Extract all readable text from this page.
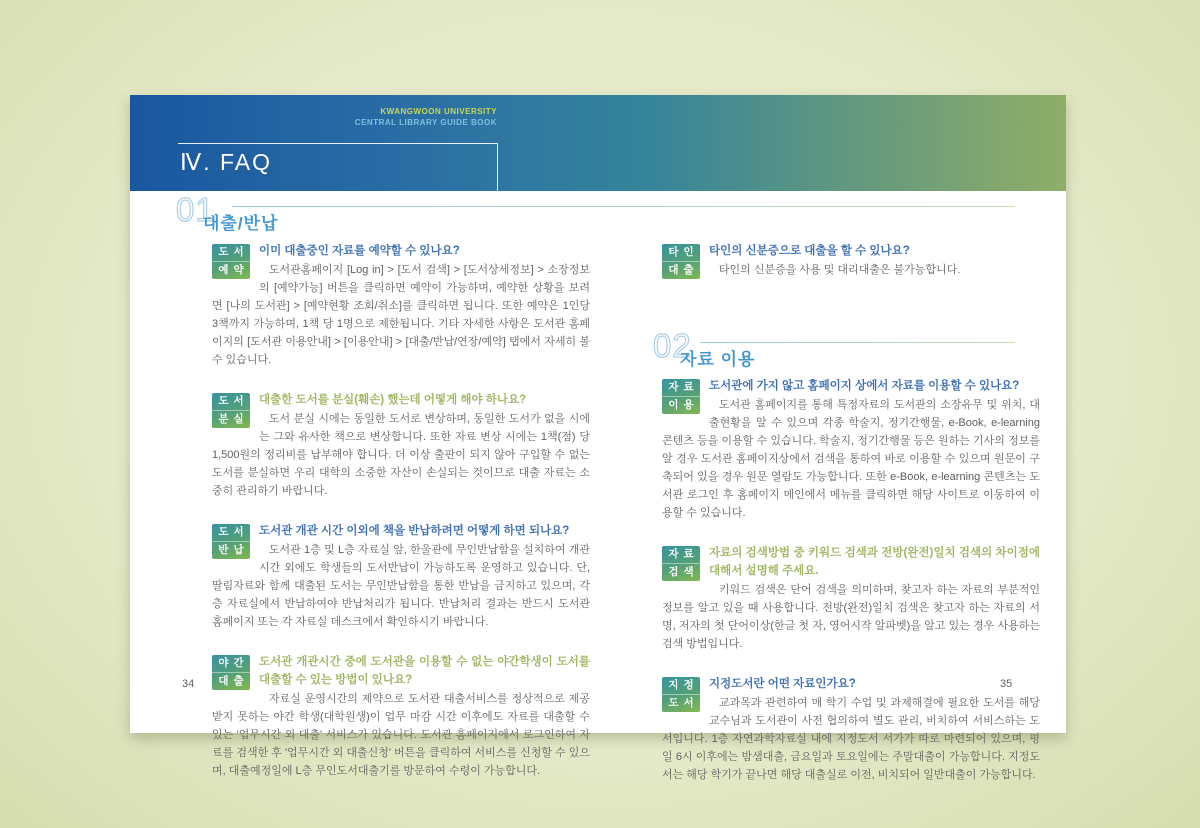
KWANGWOON UNIVERSITY
CENTRAL LIBRARY GUIDE BOOK
Ⅳ. FAQ
01
대출/반납
02
자료 이용
도서
예약

이미 대출중인 자료를 예약할 수 있나요?

도서관홈페이지 [Log in] > [도서 검색] > [도서상세정보] > 소장정보의 [예약가능] 버튼을 클릭하면 예약이 가능하며, 예약한 상황을 보려면 [나의 도서관] > [예약현황 조회/취소]를 클릭하면 됩니다. 또한 예약은 1인당 3책까지 가능하며, 1책 당 1명으로 제한됩니다. 기타 자세한 사항은 도서관 홈페이지의 [도서관 이용안내] > [이용안내] > [대출/반납/연장/예약] 탭에서 자세히 볼 수 있습니다.

도서
분실

대출한 도서를 분실(훼손) 했는데 어떻게 해야 하나요?

도서 분실 시에는 동일한 도서로 변상하며, 동일한 도서가 없을 시에는 그와 유사한 책으로 변상합니다. 또한 자료 변상 시에는 1책(점) 당 1,500원의 정리비를 납부해야 합니다. 더 이상 출판이 되지 않아 구입할 수 없는 도서를 분실하면 우리 대학의 소중한 자산이 손실되는 것이므로 대출 자료는 소중히 관리하기 바랍니다.

도서
반납

도서관 개관 시간 이외에 책을 반납하려면 어떻게 하면 되나요?

도서관 1층 및 L층 자료실 앞, 한울관에 무인반납함을 설치하여 개관 시간 외에도 학생들의 도서반납이 가능하도록 운영하고 있습니다. 단, 딸림자료와 함께 대출된 도서는 무인반납함을 통한 반납을 금지하고 있으며, 각 층 자료실에서 반납하여야 반납처리가 됩니다. 반납처리 결과는 반드시 도서관 홈페이지 또는 각 자료실 데스크에서 확인하시기 바랍니다.

야간
대출

도서관 개관시간 중에 도서관을 이용할 수 없는 야간학생이 도서를 대출할 수 있는 방법이 있나요?

자료실 운영시간의 제약으로 도서관 대출서비스를 정상적으로 제공받지 못하는 야간 학생(대학원생)이 업무 마감 시간 이후에도 자료를 대출할 수 있는 '업무시간 외 대출' 서비스가 있습니다. 도서관 홈페이지에서 로그인하여 자료를 검색한 후 '업무시간 외 대출신청' 버튼을 클릭하여 서비스를 신청할 수 있으며, 대출예정일에 L층 무인도서대출기를 방문하여 수령이 가능합니다.

타인
대출

타인의 신분증으로 대출을 할 수 있나요?

타인의 신분증을 사용 및 대리대출은 불가능합니다.

자료
이용

도서관에 가지 않고 홈페이지 상에서 자료를 이용할 수 있나요?

도서관 홈페이지를 통해 특정자료의 도서관의 소장유무 및 위치, 대출현황을 알 수 있으며 각종 학술지, 정기간행물, e-Book, e-learning 콘텐츠 등을 이용할 수 있습니다. 학술지, 정기간행물 등은 원하는 기사의 정보를 알 경우 도서관 홈페이지상에서 검색을 통하여 바로 이용할 수 있으며 원문이 구축되어 있을 경우 원문 열람도 가능합니다. 또한 e-Book, e-learning 콘텐츠는 도서관 로그인 후 홈페이지 메인에서 메뉴를 클릭하면 해당 사이트로 이동하여 이용할 수 있습니다.

자료
검색

자료의 검색방법 중 키워드 검색과 전방(완전)일치 검색의 차이점에 대해서 설명해 주세요.

키워드 검색은 단어 검색을 의미하며, 찾고자 하는 자료의 부분적인 정보를 알고 있을 때 사용합니다. 전방(완전)일치 검색은 찾고자 하는 자료의 서명, 저자의 첫 단어이상(한글 첫 자, 영어시작 알파벳)을 알고 있는 경우 사용하는 검색 방법입니다.

지정
도서

지정도서란 어떤 자료인가요?

교과목과 관련하여 매 학기 수업 및 과제해결에 필요한 도서를 해당 교수님과 도서관이 사전 협의하여 별도 관리, 비치하여 서비스하는 도서입니다. 1층 자연과학자료실 내에 지정도서 서가가 따로 마련되어 있으며, 평일 6시 이후에는 밤샘대출, 금요일과 토요일에는 주말대출이 가능합니다. 지정도서는 해당 학기가 끝나면 해당 대출실로 이전, 비치되어 일반대출이 가능합니다.

34	35
